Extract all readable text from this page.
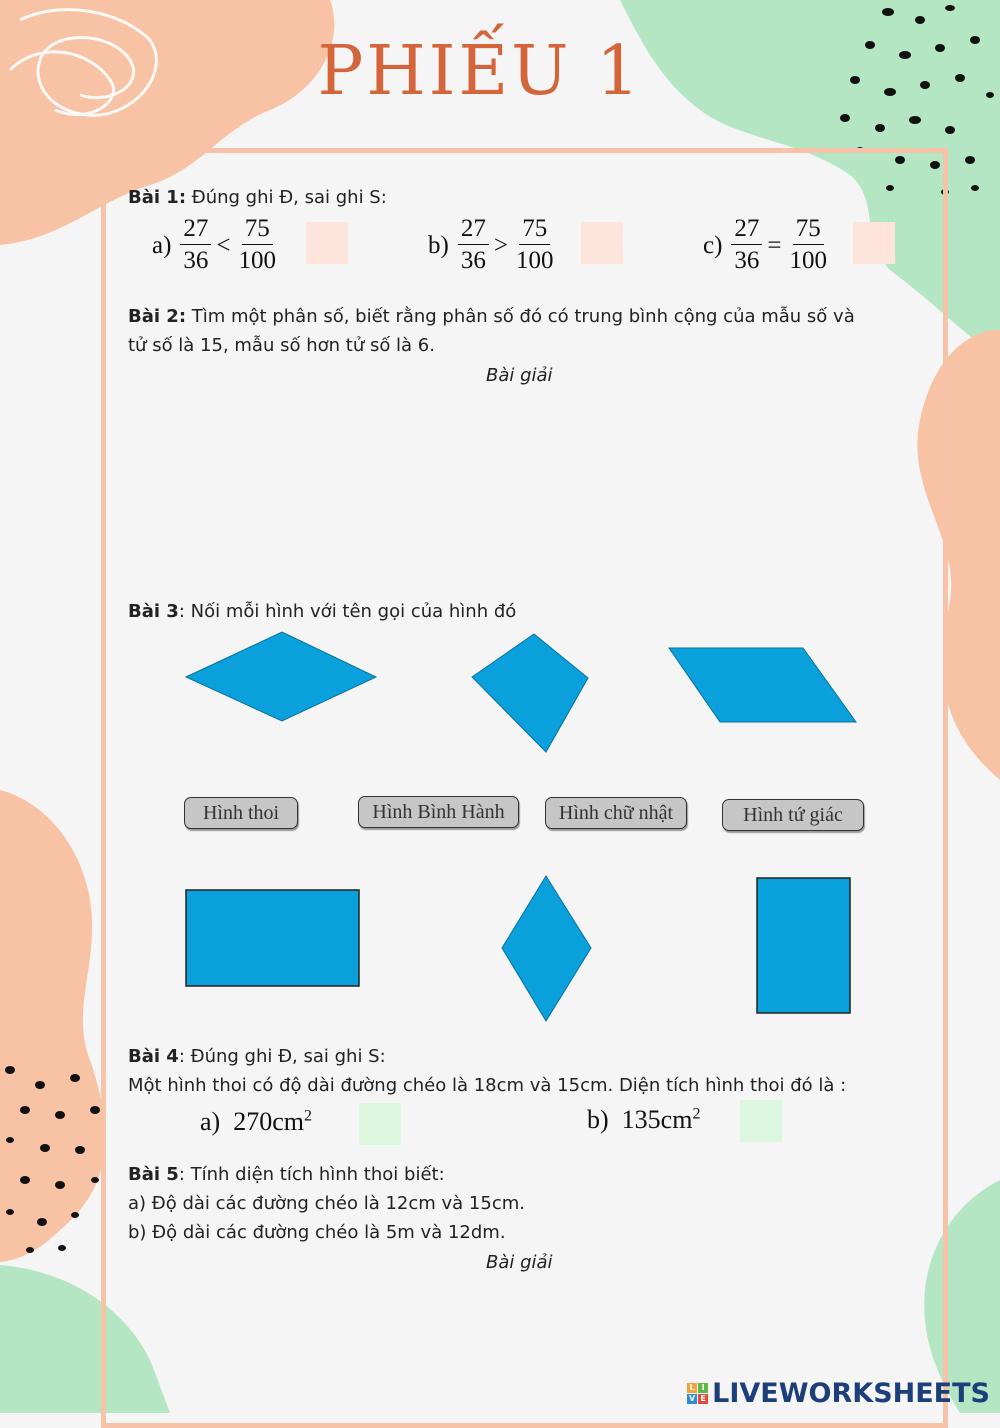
PHIẾU 1
Bài 1: Đúng ghi Đ, sai ghi S:
$a) \frac{27}{36} < \frac{75}{100}$	$b) \frac{27}{36} > \frac{75}{100}$	$c) \frac{27}{36} = \frac{75}{100}$
Bài 2: Tìm một phân số, biết rằng phân số đó có trung bình cộng của mẫu số và
tử số là 15, mẫu số hơn tử số là 6.
Bài giải
Bài 3: Nối mỗi hình với tên gọi của hình đó
Hình thoi	Hình Bình Hành	Hình chữ nhật	Hình tứ giác
Bài 4: Đúng ghi Đ, sai ghi S:
Một hình thoi có độ dài đường chéo là 18cm và 15cm. Diện tích hình thoi đó là :
a) $270cm^2$	b) $135cm^2$
Bài 5: Tính diện tích hình thoi biết:
a) Độ dài các đường chéo là 12cm và 15cm.
b) Độ dài các đường chéo là 5m và 12dm.
Bài giải
L I
V E LIVEWORKSHEETS
